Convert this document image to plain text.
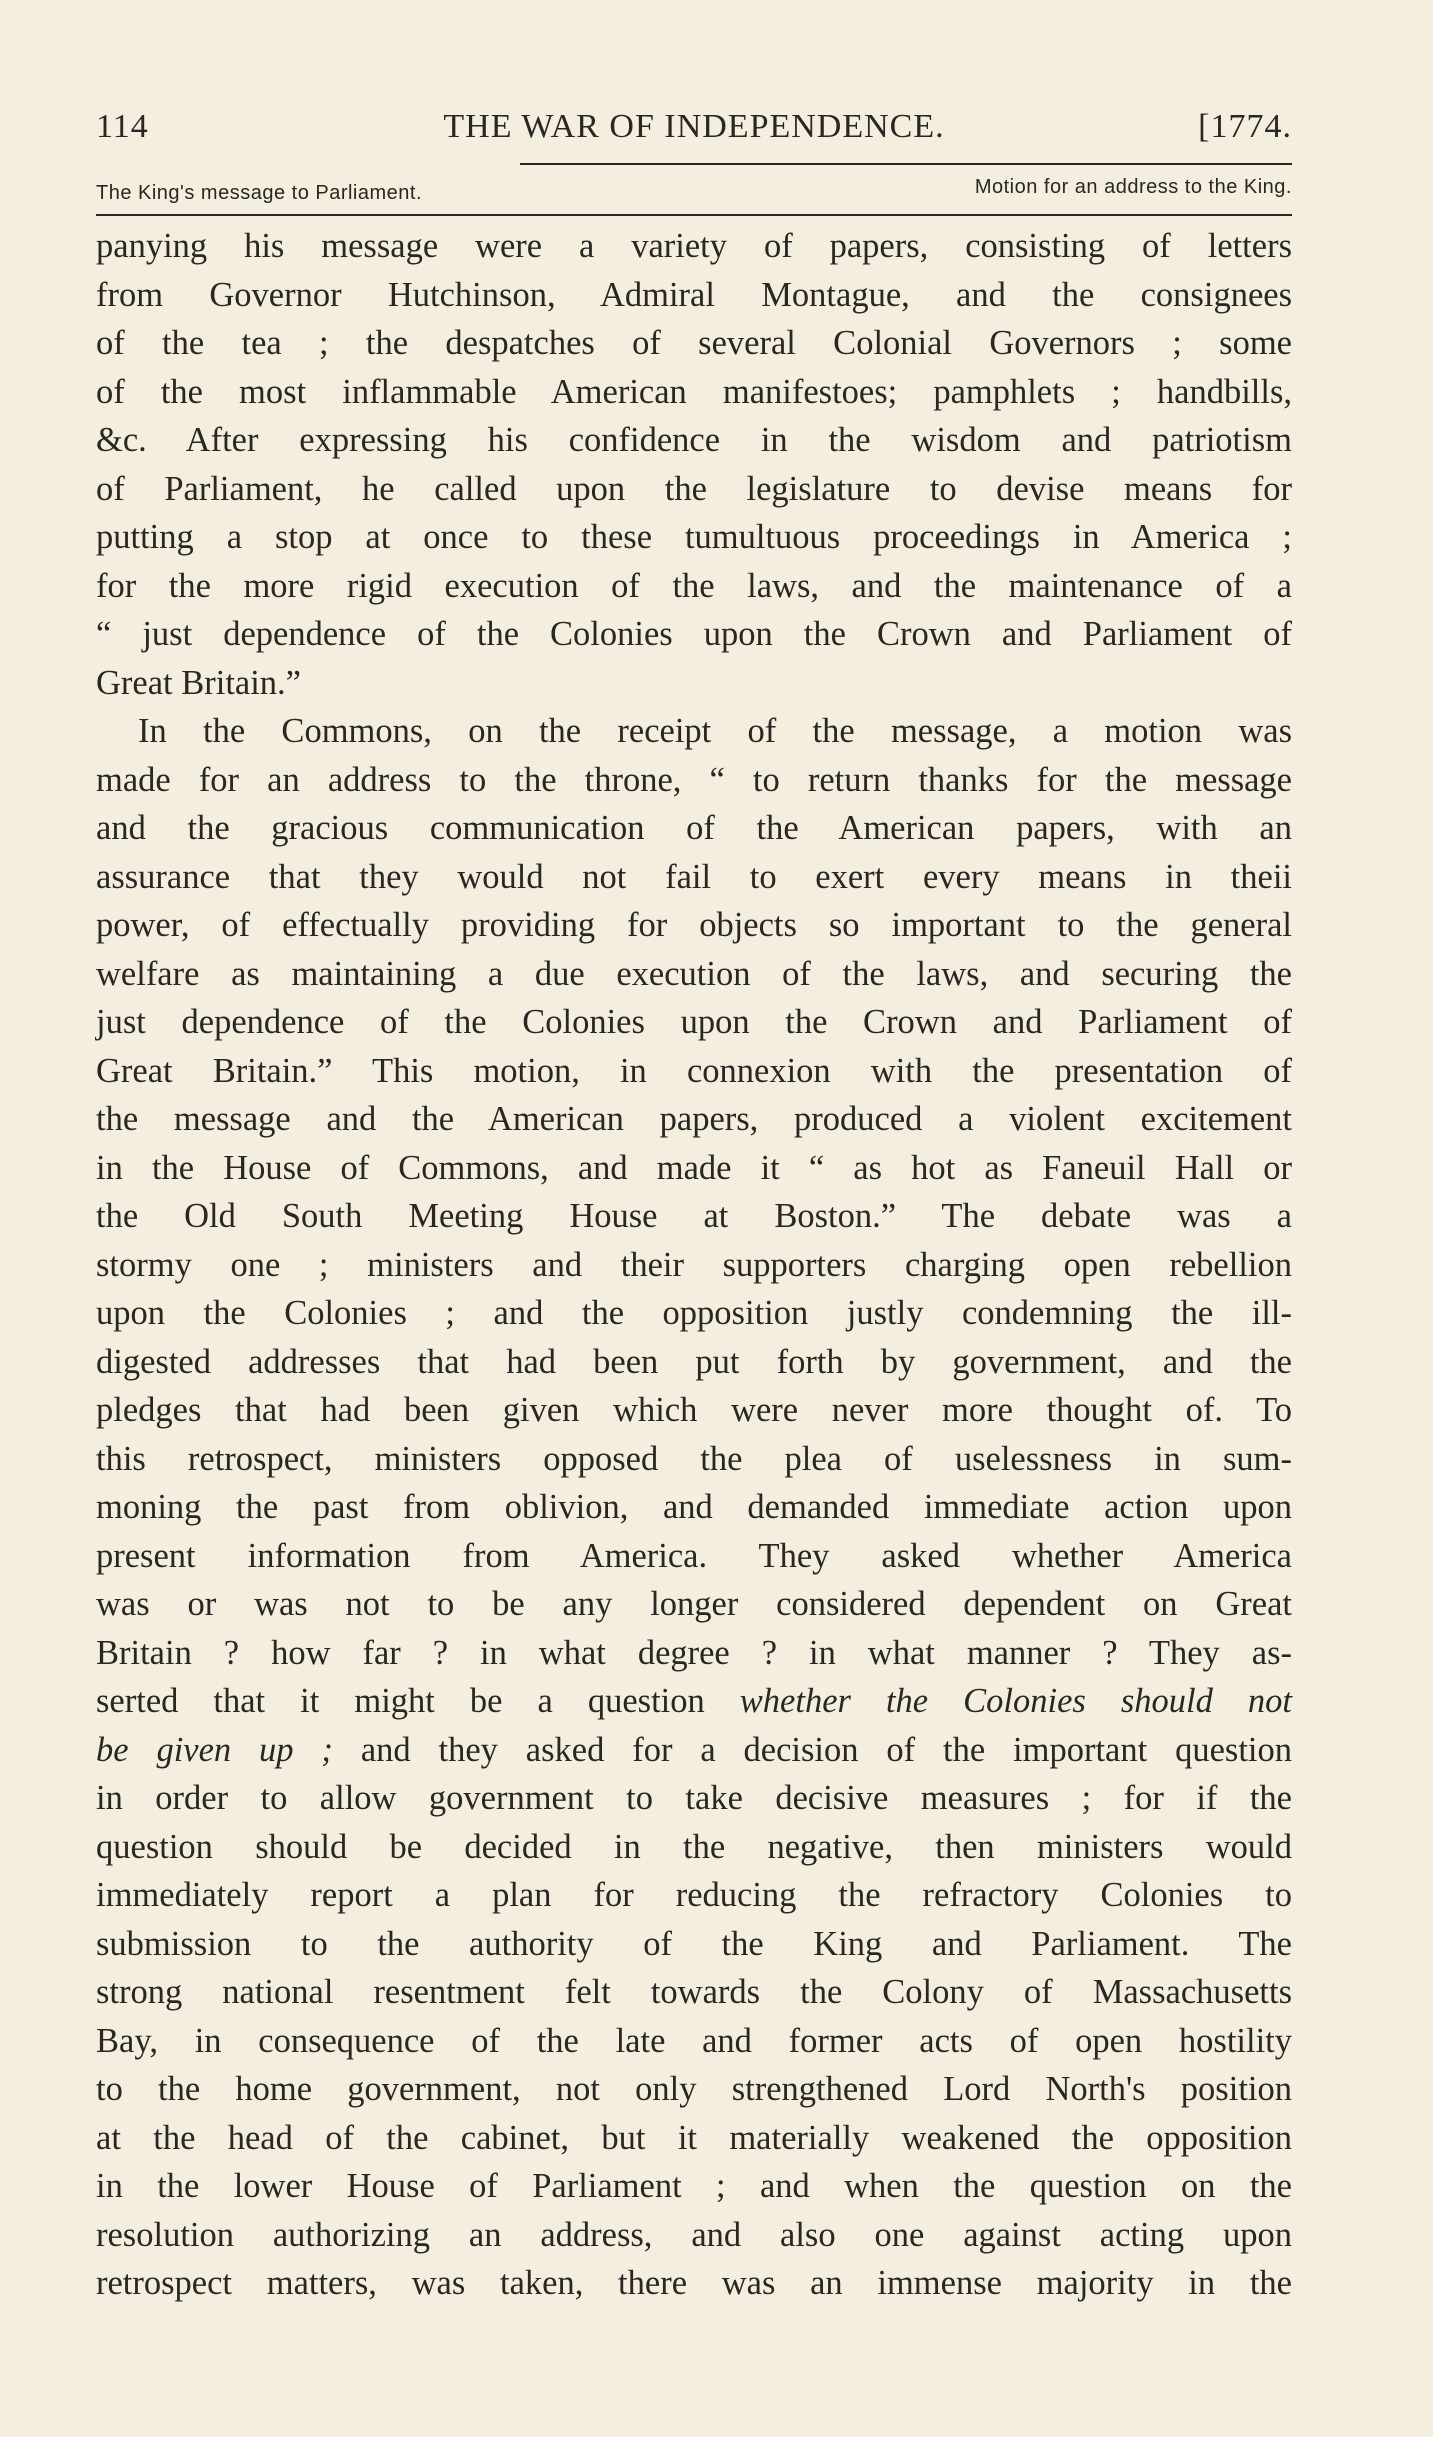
114	THE WAR OF INDEPENDENCE.	[1774.
The King's message to Parliament.	Motion for an address to the King.
panying his message were a variety of papers, consisting of letters
from Governor Hutchinson, Admiral Montague, and the consignees
of the tea ; the despatches of several Colonial Governors ; some
of the most inflammable American manifestoes; pamphlets ; handbills,
&c. After expressing his confidence in the wisdom and patriotism
of Parliament, he called upon the legislature to devise means for
putting a stop at once to these tumultuous proceedings in America ;
for the more rigid execution of the laws, and the maintenance of a
“ just dependence of the Colonies upon the Crown and Parliament of
Great Britain.”
In the Commons, on the receipt of the message, a motion was
made for an address to the throne, “ to return thanks for the message
and the gracious communication of the American papers, with an
assurance that they would not fail to exert every means in theii
power, of effectually providing for objects so important to the general
welfare as maintaining a due execution of the laws, and securing the
just dependence of the Colonies upon the Crown and Parliament of
Great Britain.” This motion, in connexion with the presentation of
the message and the American papers, produced a violent excitement
in the House of Commons, and made it “ as hot as Faneuil Hall or
the Old South Meeting House at Boston.” The debate was a
stormy one ; ministers and their supporters charging open rebellion
upon the Colonies ; and the opposition justly condemning the ill-
digested addresses that had been put forth by government, and the
pledges that had been given which were never more thought of. To
this retrospect, ministers opposed the plea of uselessness in sum-
moning the past from oblivion, and demanded immediate action upon
present information from America. They asked whether America
was or was not to be any longer considered dependent on Great
Britain ? how far ? in what degree ? in what manner ? They as-
serted that it might be a question whether the Colonies should not
be given up ; and they asked for a decision of the important question
in order to allow government to take decisive measures ; for if the
question should be decided in the negative, then ministers would
immediately report a plan for reducing the refractory Colonies to
submission to the authority of the King and Parliament. The
strong national resentment felt towards the Colony of Massachusetts
Bay, in consequence of the late and former acts of open hostility
to the home government, not only strengthened Lord North's position
at the head of the cabinet, but it materially weakened the opposition
in the lower House of Parliament ; and when the question on the
resolution authorizing an address, and also one against acting upon
retrospect matters, was taken, there was an immense majority in the
